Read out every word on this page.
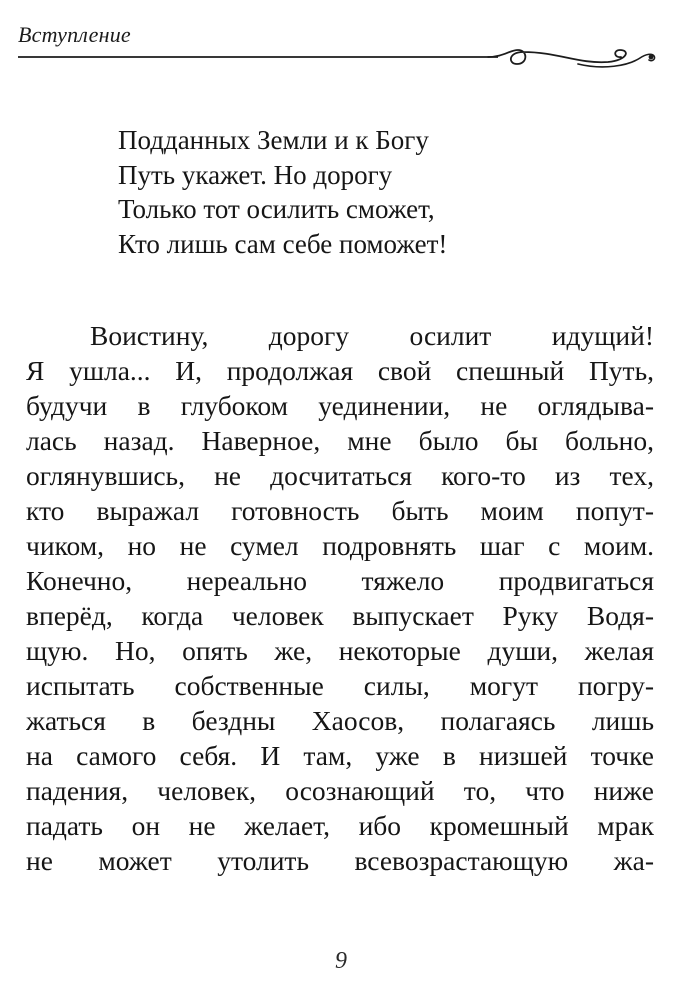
Вступление
Подданных Земли и к Богу
Путь укажет. Но дорогу
Только тот осилить сможет,
Кто лишь сам себе поможет!
Воистину, дорогу осилит идущий!
Я ушла... И, продолжая свой спешный Путь,
будучи в глубоком уединении, не оглядыва-
лась назад. Наверное, мне было бы больно,
оглянувшись, не досчитаться кого-то из тех,
кто выражал готовность быть моим попут-
чиком, но не сумел подровнять шаг с моим.
Конечно, нереально тяжело продвигаться
вперёд, когда человек выпускает Руку Водя-
щую. Но, опять же, некоторые души, желая
испытать собственные силы, могут погру-
жаться в бездны Хаосов, полагаясь лишь
на самого себя. И там, уже в низшей точке
падения, человек, осознающий то, что ниже
падать он не желает, ибо кромешный мрак
не может утолить всевозрастающую жа-
9
